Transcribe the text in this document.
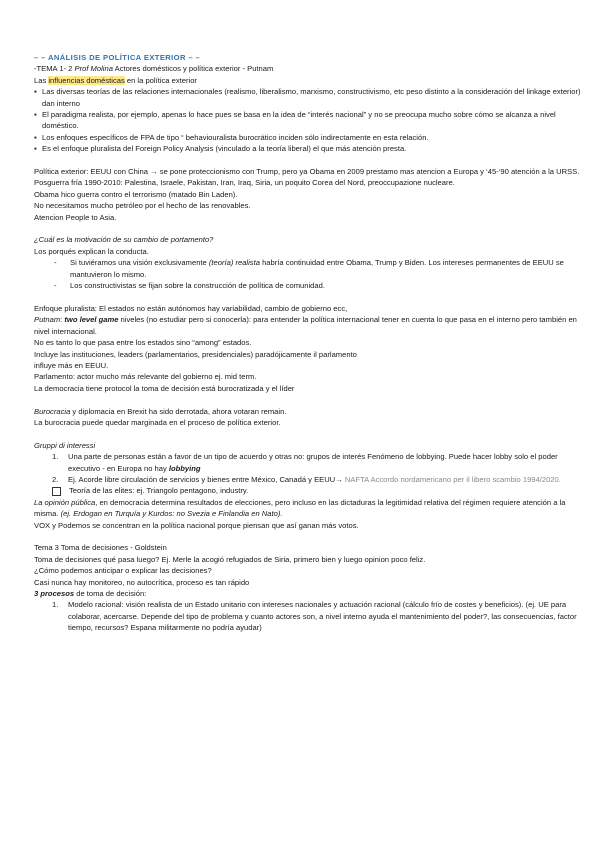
– – ANÁLISIS DE POLÍTICA EXTERIOR – –
-TEMA 1- 2 Prof Molina Actores domésticos y política exterior - Putnam
Las influencias domésticas en la política exterior
▪ Las diversas teorías de las relaciones internacionales (realismo, liberalismo, marxismo, constructivismo, etc peso distinto a la consideración del linkage exterior) dan interno
▪ El paradigma realista, por ejemplo, apenas lo hace pues se basa en la idea de “interés nacional” y no se preocupa mucho sobre cómo se alcanza a nivel doméstico.
▪ Los enfoques específicos de FPA de tipo “ behaviouralista burocrático inciden sólo indirectamente en esta relación.
▪ Es el enfoque pluralista del Foreign Policy Analysis (vinculado a la teoría liberal) el que más atención presta.
Política exterior: EEUU con China → se pone proteccionismo con Trump, pero ya Obama en 2009 prestamo mas atencion a Europa y ‘45-‘90 atención a la URSS.
Posguerra fría 1990-2010: Palestina, Israele, Pakistan, Iran, Iraq, Siria, un poquito Corea del Nord, preoccupazione nucleare.
Obama hico guerra contro el terrorismo (matado Bin Laden).
No necesitamos mucho petróleo por el hecho de las renovables.
Atencion People to Asia.
¿Cuál es la motivación de su cambio de portamento?
Los porqués explican la conducta.
-	Si tuviéramos una visión exclusivamente (teoría) realista habría continuidad entre Obama, Trump y Biden. Los intereses permanentes de EEUU se mantuvieron lo mismo.
-	Los constructivistas se fijan sobre la construcción de política de comunidad.
Enfoque pluralista: El estados no están autónomos hay variabilidad, cambio de gobierno ecc,
Putnam: two level game niveles (no estudiar pero si conocerla): para entender la política internacional tener en cuenta lo que pasa en el interno pero también en nivel internacional.
No es tanto lo que pasa entre los estados sino “among” estados.
Incluye las instituciones, leaders (parlamentarios, presidenciales) paradójicamente il parlamento
influye más en EEUU.
Parlamento: actor mucho más relevante del gobierno ej. mid term.
La democracia tiene protocol la toma de decisión está burocratizada y el líder
Burocracia y diplomacia en Brexit ha sido derrotada, ahora votaran remain.
La burocracia puede quedar marginada en el proceso de política exterior.
Gruppi di interessi
1.	Una parte de personas están a favor de un tipo de acuerdo y otras no: grupos de interés Fenómeno de lobbying. Puede hacer lobby solo el poder executivo - en Europa no hay lobbying
2.	Ej. Acorde libre circulación de servicios y bienes entre México, Canadá y EEUU→ NAFTA Accordo nordamericano per il libero scambio 1994/2020.
Teoría de las elites: ej. Triangolo pentagono, industry.
La opinión pública, en democracia determina resultados de elecciones, pero incluso en las dictaduras la legitimidad relativa del régimen requiere atención a la misma. (ej. Erdogan en Turquía y Kurdos: no Svezia e Finlandia en Nato).
VOX y Podemos se concentran en la política nacional porque piensan que así ganan más votos.
Tema 3 Toma de decisiones - Goldstein
Toma de decisiones qué pasa luego? Ej. Merle la acogió refugiados de Siria, primero bien y luego opinion poco feliz.
¿Cómo podemos anticipar o explicar las decisiones?
Casi nunca hay monitoreo, no autocrítica, proceso es tan rápido
3 procesos de toma de decisión:
1.	Modelo racional: visión realista de un Estado unitario con intereses nacionales y actuación racional (cálculo frío de costes y beneficios). (ej. UE para colaborar, acercarse. Depende del tipo de problema y cuanto actores son, a nivel interno ayuda el mantenimiento del poder?, las consecuencias, factor tiempo, recursos? Espana militarmente no podría ayudar)
